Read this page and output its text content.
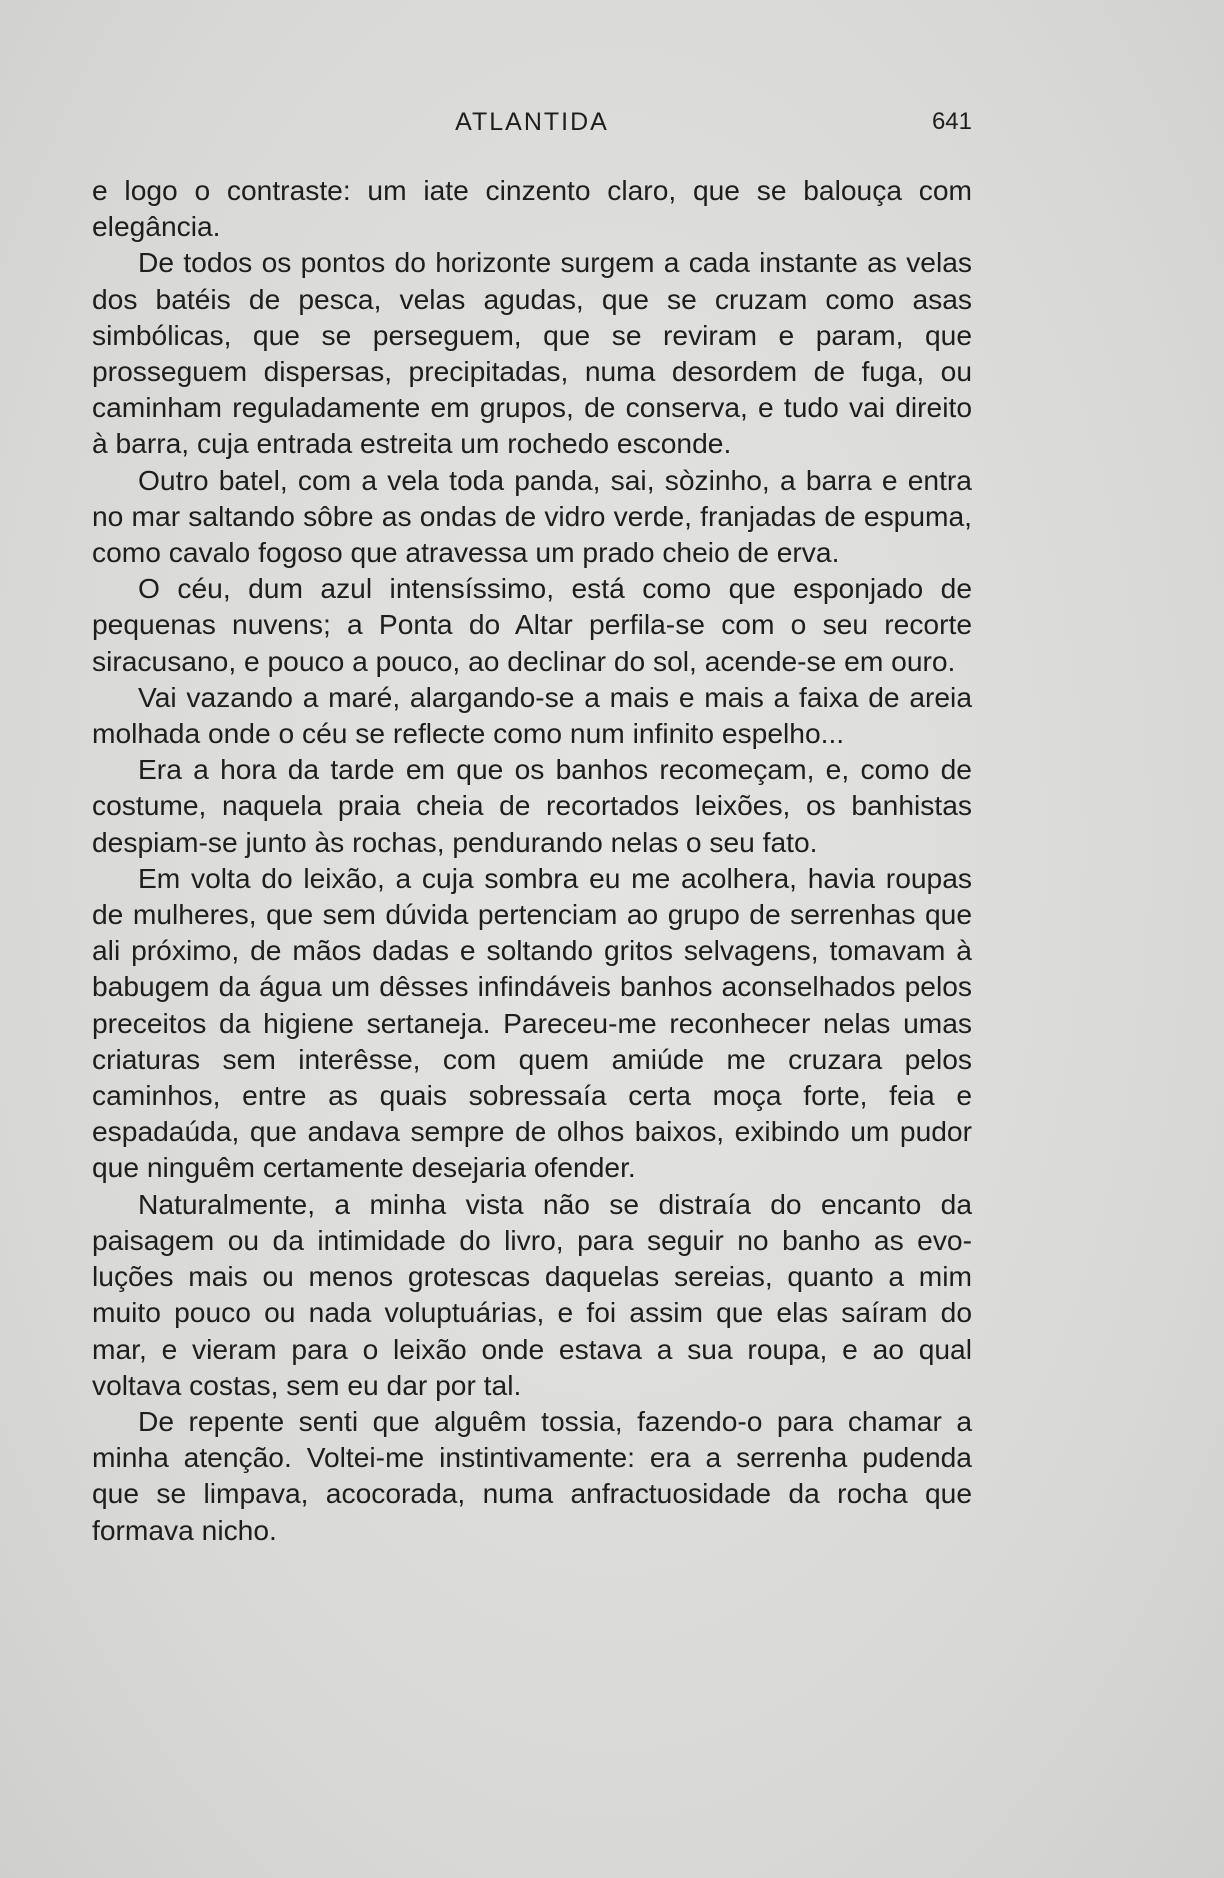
ATLANTIDA	641

e logo o contraste: um iate cinzento claro, que se balouça com elegância.

De todos os pontos do horizonte surgem a cada instante as velas dos batéis de pesca, velas agudas, que se cruzam como asas simbólicas, que se perseguem, que se reviram e param, que prosseguem dispersas, precipitadas, numa desordem de fuga, ou caminham reguladamente em grupos, de conserva, e tudo vai direito à barra, cuja entrada estreita um rochedo esconde.

Outro batel, com a vela toda panda, sai, sòzinho, a barra e entra no mar saltando sôbre as ondas de vidro verde, franjadas de espuma, como cavalo fogoso que atravessa um prado cheio de erva.

O céu, dum azul intensíssimo, está como que esponjado de pequenas nuvens; a Ponta do Altar perfila-se com o seu recorte siracusano, e pouco a pouco, ao declinar do sol, acende-se em ouro.

Vai vazando a maré, alargando-se a mais e mais a faixa de areia molhada onde o céu se reflecte como num infinito espelho...

Era a hora da tarde em que os banhos recomeçam, e, como de costume, naquela praia cheia de recortados leixões, os banhistas despiam-se junto às rochas, pendurando nelas o seu fato.

Em volta do leixão, a cuja sombra eu me acolhera, havia roupas de mulheres, que sem dúvida pertenciam ao grupo de serrenhas que ali próximo, de mãos dadas e soltando gritos selvagens, tomavam à babugem da água um dêsses infindáveis banhos aconselhados pelos preceitos da higiene sertaneja. Pareceu-me reconhecer nelas umas criaturas sem interêsse, com quem amiúde me cruzara pelos caminhos, entre as quais sobressaía certa moça forte, feia e espadaúda, que andava sempre de olhos baixos, exibindo um pudor que ninguêm certamente desejaria ofender.

Naturalmente, a minha vista não se distraía do encanto da paisagem ou da intimidade do livro, para seguir no banho as evoluções mais ou menos grotescas daquelas sereias, quanto a mim muito pouco ou nada voluptuárias, e foi assim que elas saíram do mar, e vieram para o leixão onde estava a sua roupa, e ao qual voltava costas, sem eu dar por tal.

De repente senti que alguêm tossia, fazendo-o para chamar a minha atenção. Voltei-me instintivamente: era a serrenha pudenda que se limpava, acocorada, numa anfractuosidade da rocha que formava nicho.
